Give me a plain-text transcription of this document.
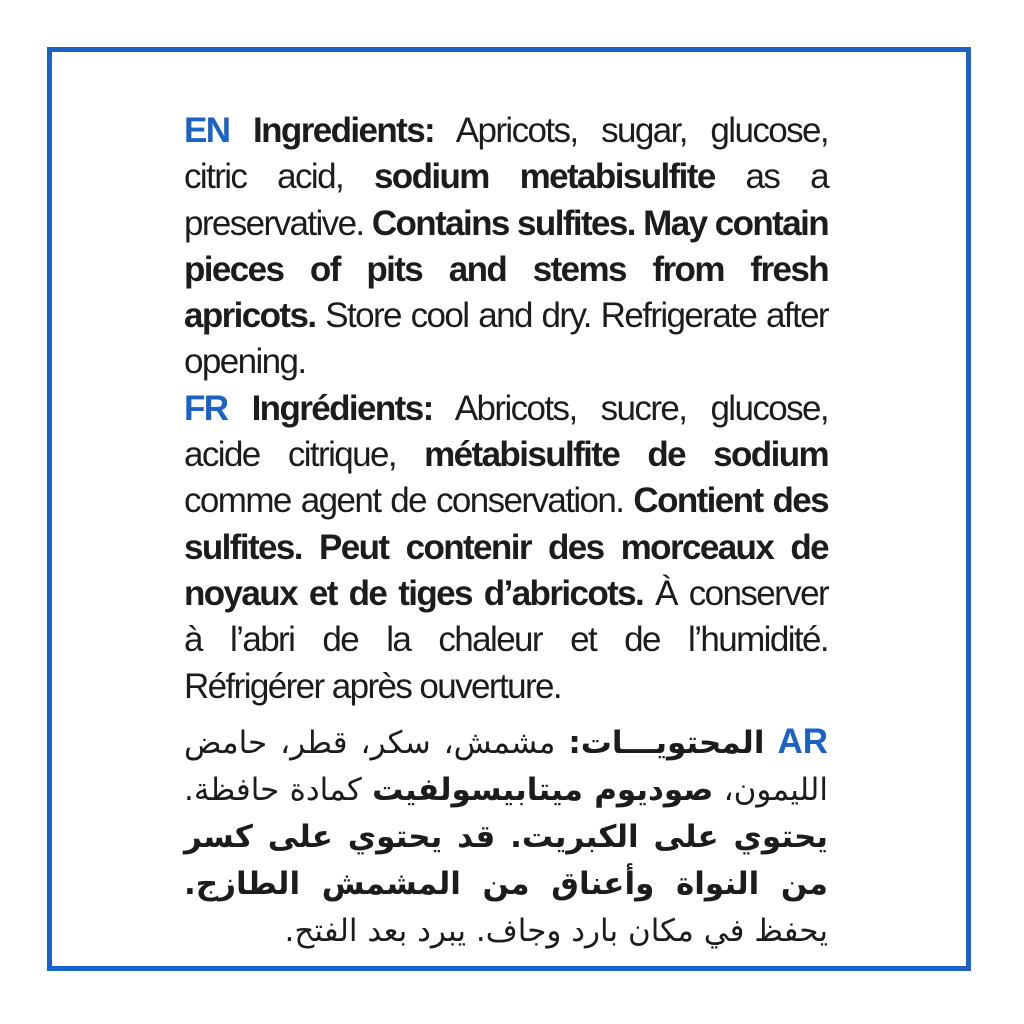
EN Ingredients: Apricots, sugar, glucose, citric acid, sodium metabisulfite as a preservative. Contains sulfites. May contain pieces of pits and stems from fresh apricots. Store cool and dry. Refrigerate after opening.

FR Ingrédients: Abricots, sucre, glucose, acide citrique, métabisulfite de sodium comme agent de conservation. Contient des sulfites. Peut contenir des morceaux de noyaux et de tiges d’abricots. À conserver à l’abri de la chaleur et de l’humidité. Réfrigérer après ouverture.

AR المحتويـــات: مشمش، سكر، قطر، حامض الليمون، صوديوم ميتابيسولفيت كمادة حافظة. يحتوي على الكبريت. قد يحتوي على كسر من النواة وأعناق من المشمش الطازج. يحفظ في مكان بارد وجاف. يبرد بعد الفتح.
